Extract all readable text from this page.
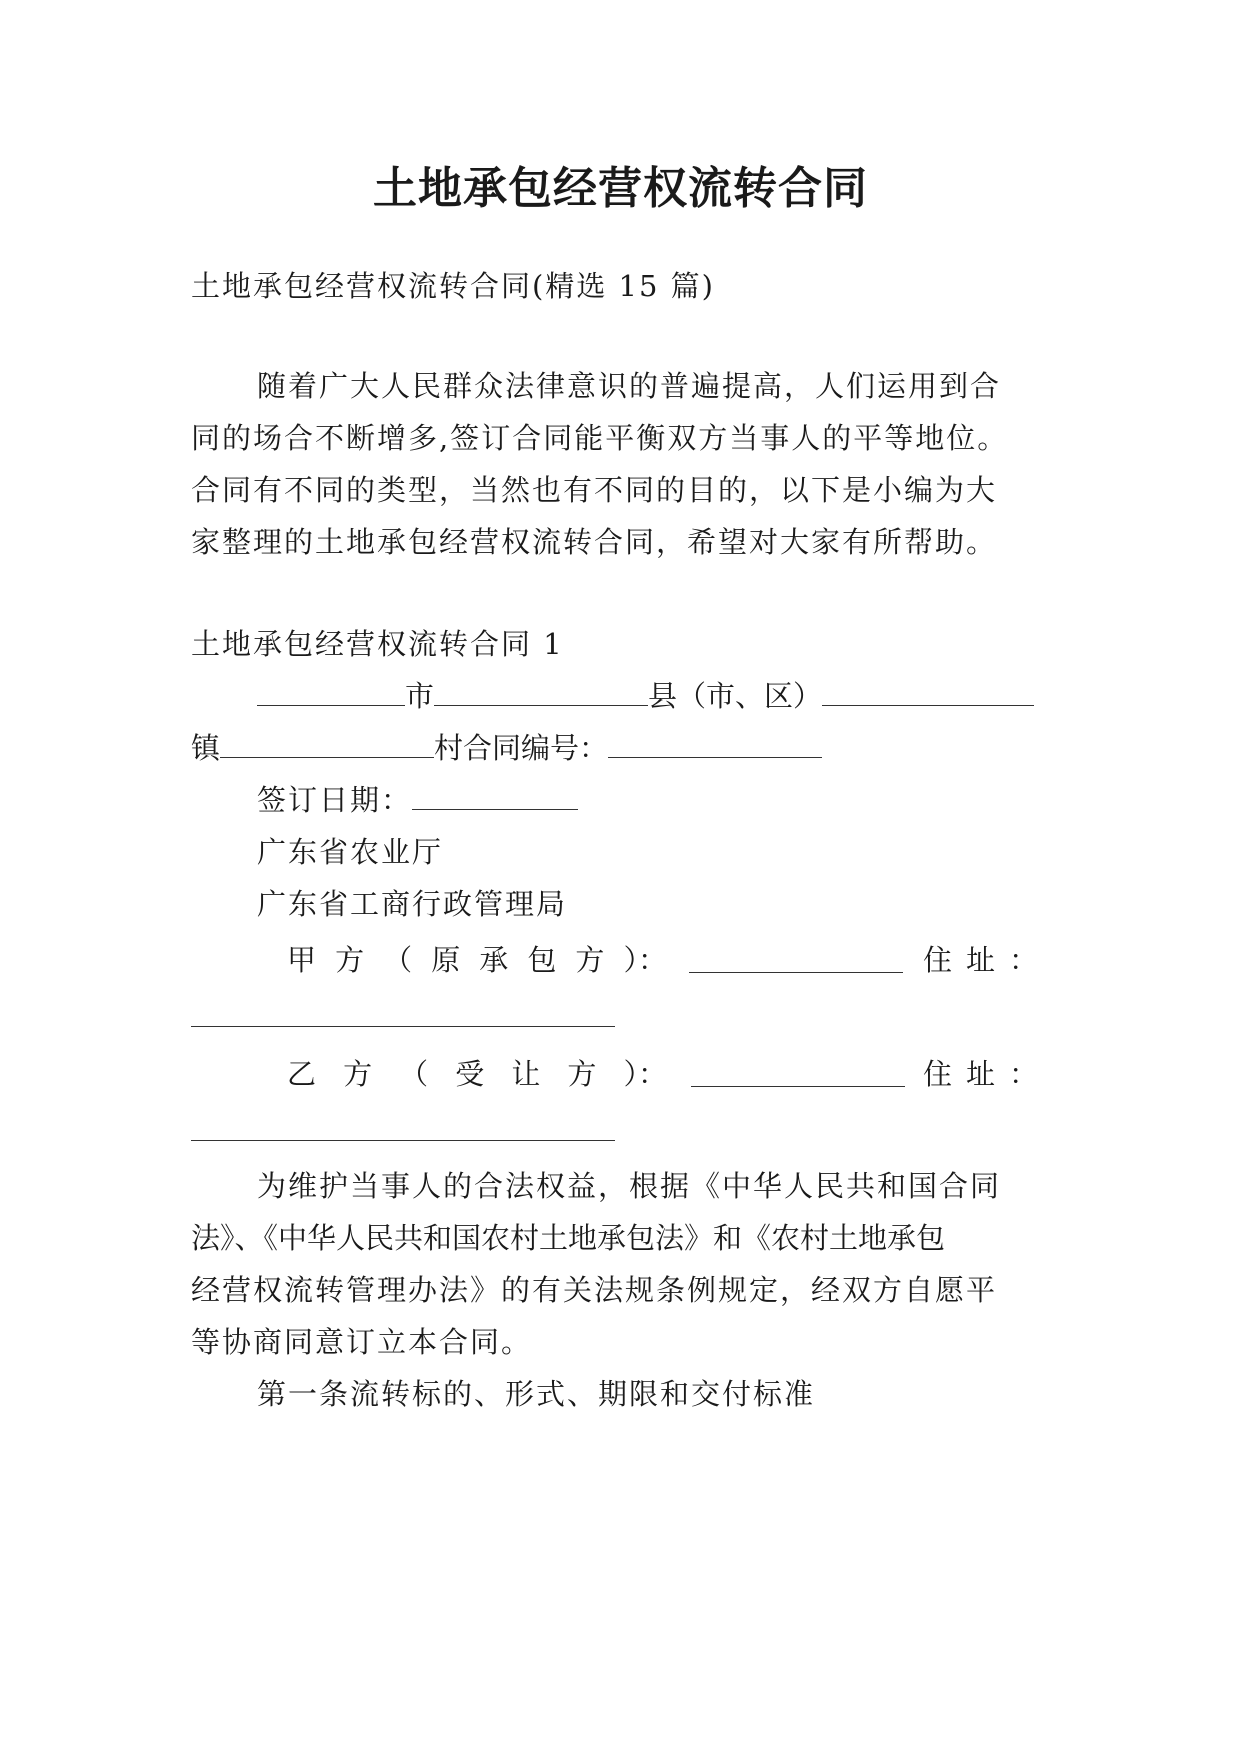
土地承包经营权流转合同
土地承包经营权流转合同(精选 15 篇)
随着广大人民群众法律意识的普遍提高，人们运用到合
同的场合不断增多,签订合同能平衡双方当事人的平等地位。
合同有不同的类型，当然也有不同的目的，以下是小编为大
家整理的土地承包经营权流转合同，希望对大家有所帮助。
土地承包经营权流转合同 1
市	县（市、区）
镇	村合同编号：
签订日期：
广东省农业厅
广东省工商行政管理局
甲 方 （ 原 承 包 方 ）：	住 址 ：
乙 方 （ 受 让 方 ）：	住 址 ：
为维护当事人的合法权益，根据《中华人民共和国合同
法》、《中华人民共和国农村土地承包法》和《农村土地承包
经营权流转管理办法》的有关法规条例规定，经双方自愿平
等协商同意订立本合同。
第一条流转标的、形式、期限和交付标准
